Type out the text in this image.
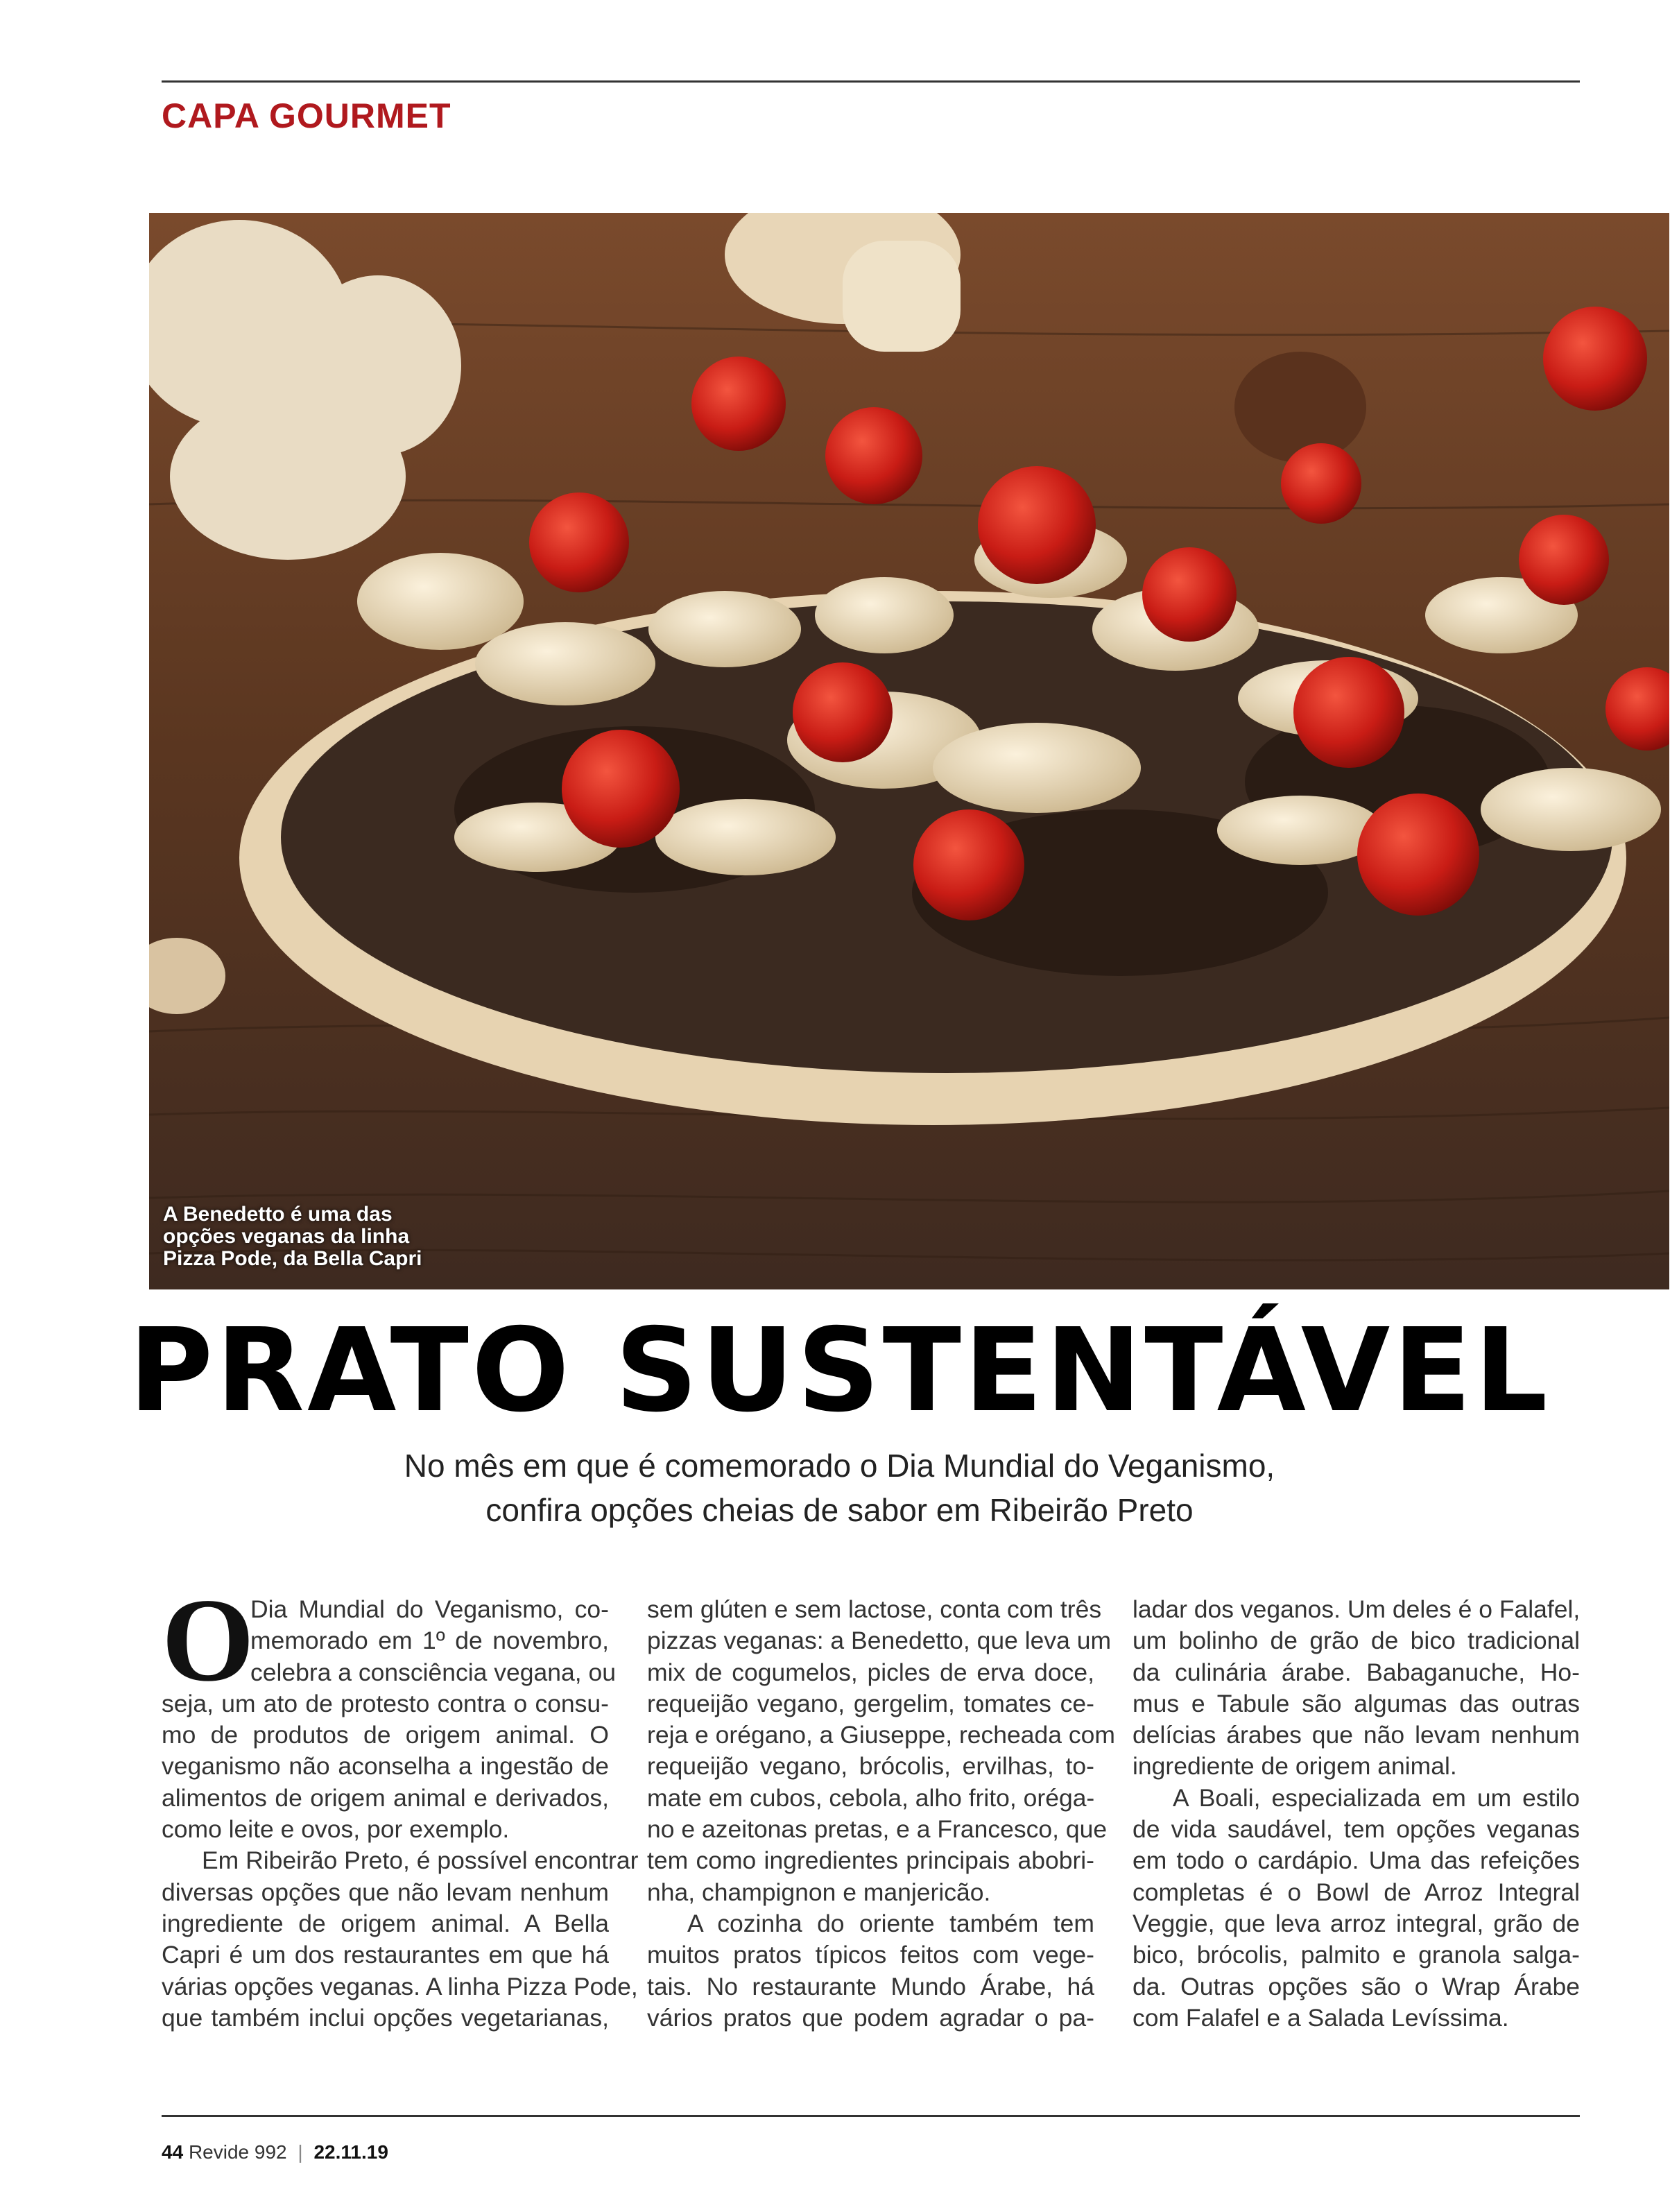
CAPA GOURMET
A Benedetto é uma das
opções veganas da linha
Pizza Pode, da Bella Capri
PRATO SUSTENTÁVEL
No mês em que é comemorado o Dia Mundial do Veganismo,
confira opções cheias de sabor em Ribeirão Preto
O
Dia Mundial do Veganismo, co-
memorado em 1º de novembro,
celebra a consciência vegana, ou
seja, um ato de protesto contra o consu-
mo de produtos de origem animal. O
veganismo não aconselha a ingestão de
alimentos de origem animal e derivados,
como leite e ovos, por exemplo.
Em Ribeirão Preto, é possível encontrar
diversas opções que não levam nenhum
ingrediente de origem animal. A Bella
Capri é um dos restaurantes em que há
várias opções veganas. A linha Pizza Pode,
que também inclui opções vegetarianas,
sem glúten e sem lactose, conta com três
pizzas veganas: a Benedetto, que leva um
mix de cogumelos, picles de erva doce,
requeijão vegano, gergelim, tomates ce-
reja e orégano, a Giuseppe, recheada com
requeijão vegano, brócolis, ervilhas, to-
mate em cubos, cebola, alho frito, orégа-
no e azeitonas pretas, e a Francesco, que
tem como ingredientes principais abobri-
nha, champignon e manjericão.
A cozinha do oriente também tem
muitos pratos típicos feitos com vege-
tais. No restaurante Mundo Árabe, há
vários pratos que podem agradar o pa-
ladar dos veganos. Um deles é o Falafel,
um bolinho de grão de bico tradicional
da culinária árabe. Babaganuche, Ho-
mus e Tabule são algumas das outras
delícias árabes que não levam nenhum
ingrediente de origem animal.
A Boali, especializada em um estilo
de vida saudável, tem opções veganas
em todo o cardápio. Uma das refeições
completas é o Bowl de Arroz Integral
Veggie, que leva arroz integral, grão de
bico, brócolis, palmito e granola salga-
da. Outras opções são o Wrap Árabe
com Falafel e a Salada Levíssima.
44 Revide 992 | 22.11.19
